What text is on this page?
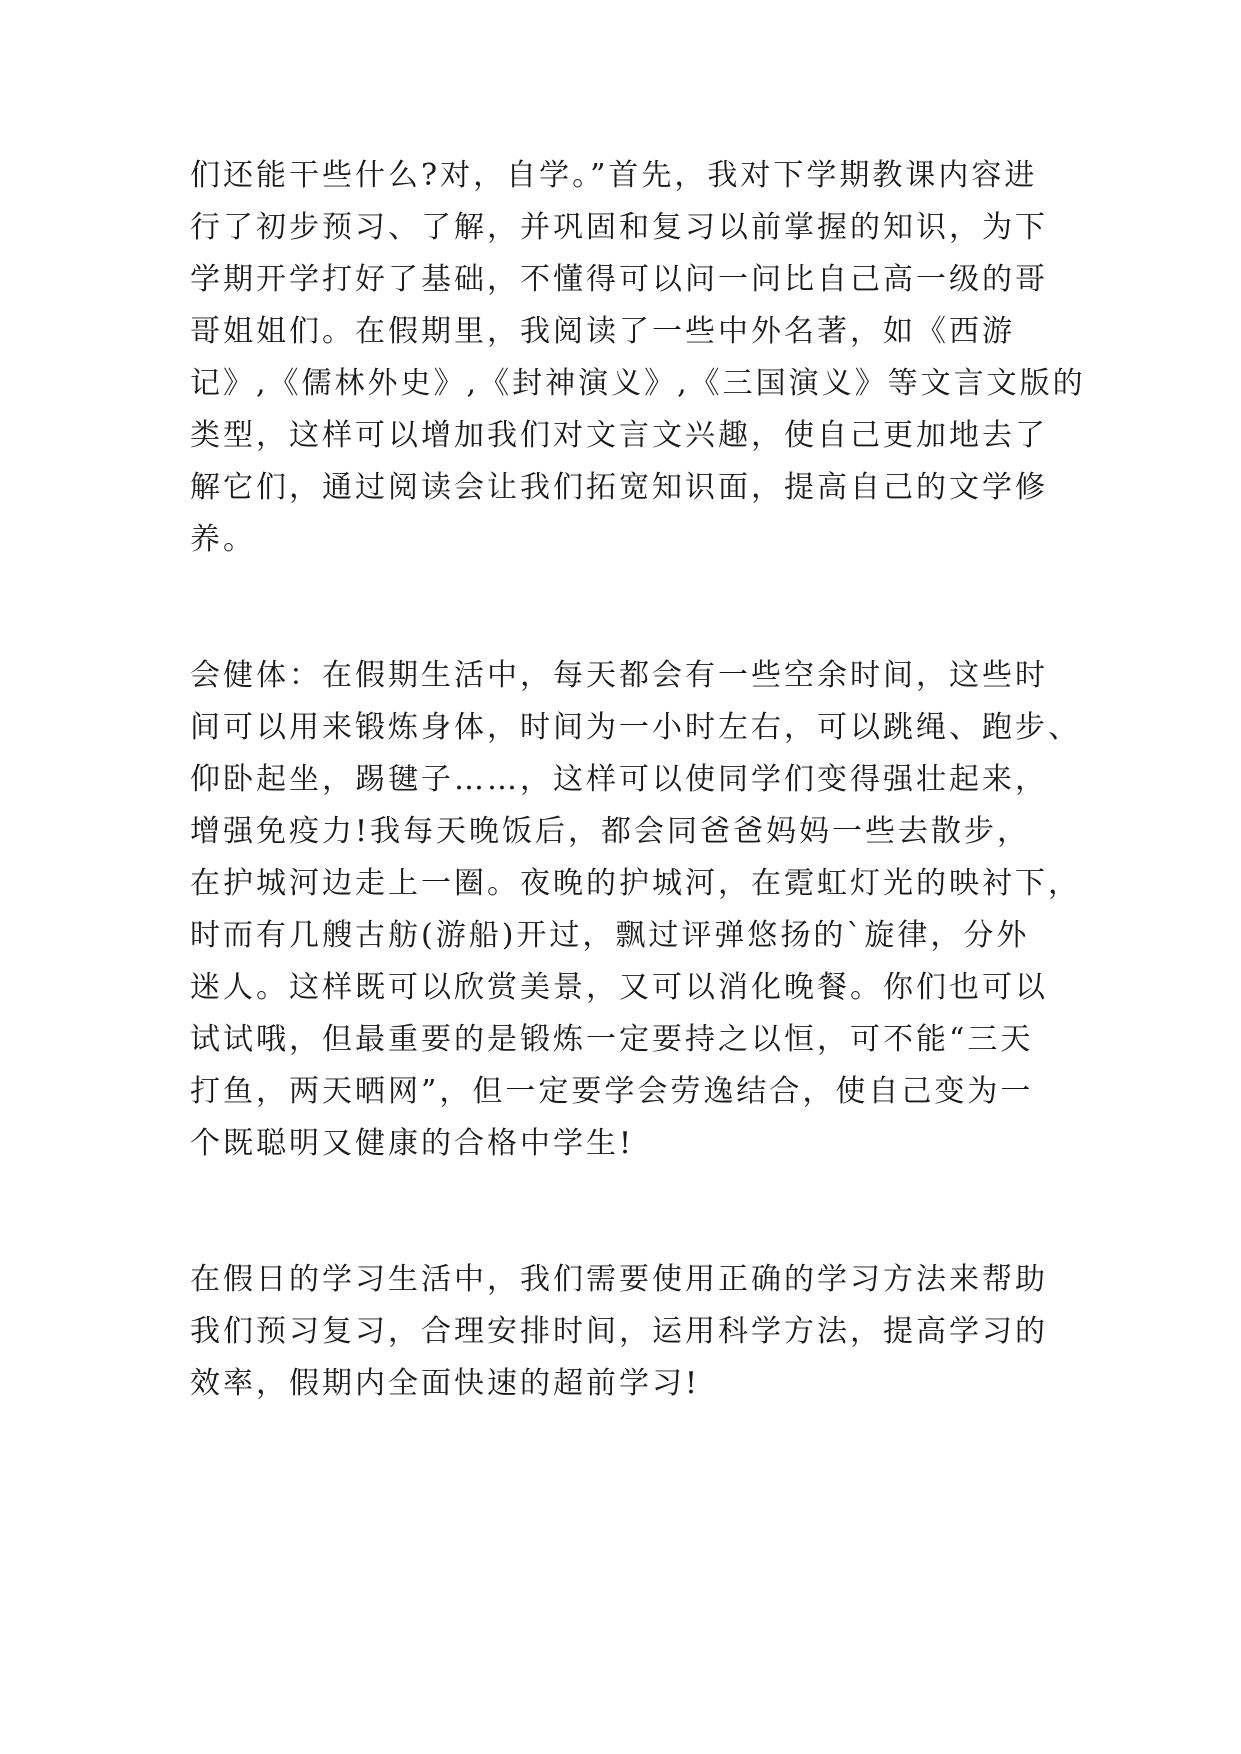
们还能干些什么?对，自学。”首先，我对下学期教课内容进
行了初步预习、了解，并巩固和复习以前掌握的知识，为下
学期开学打好了基础，不懂得可以问一问比自己高一级的哥
哥姐姐们。在假期里，我阅读了一些中外名著，如《西游
记》,《儒林外史》,《封神演义》,《三国演义》等文言文版的
类型，这样可以增加我们对文言文兴趣，使自己更加地去了
解它们，通过阅读会让我们拓宽知识面，提高自己的文学修
养。
会健体：在假期生活中，每天都会有一些空余时间，这些时
间可以用来锻炼身体，时间为一小时左右，可以跳绳、跑步、
仰卧起坐，踢毽子……，这样可以使同学们变得强壮起来，
增强免疫力!我每天晚饭后，都会同爸爸妈妈一些去散步，
在护城河边走上一圈。夜晚的护城河，在霓虹灯光的映衬下，
时而有几艘古舫(游船)开过，飘过评弹悠扬的`旋律，分外
迷人。这样既可以欣赏美景，又可以消化晚餐。你们也可以
试试哦，但最重要的是锻炼一定要持之以恒，可不能“三天
打鱼，两天晒网”，但一定要学会劳逸结合，使自己变为一
个既聪明又健康的合格中学生!
在假日的学习生活中，我们需要使用正确的学习方法来帮助
我们预习复习，合理安排时间，运用科学方法，提高学习的
效率，假期内全面快速的超前学习!
